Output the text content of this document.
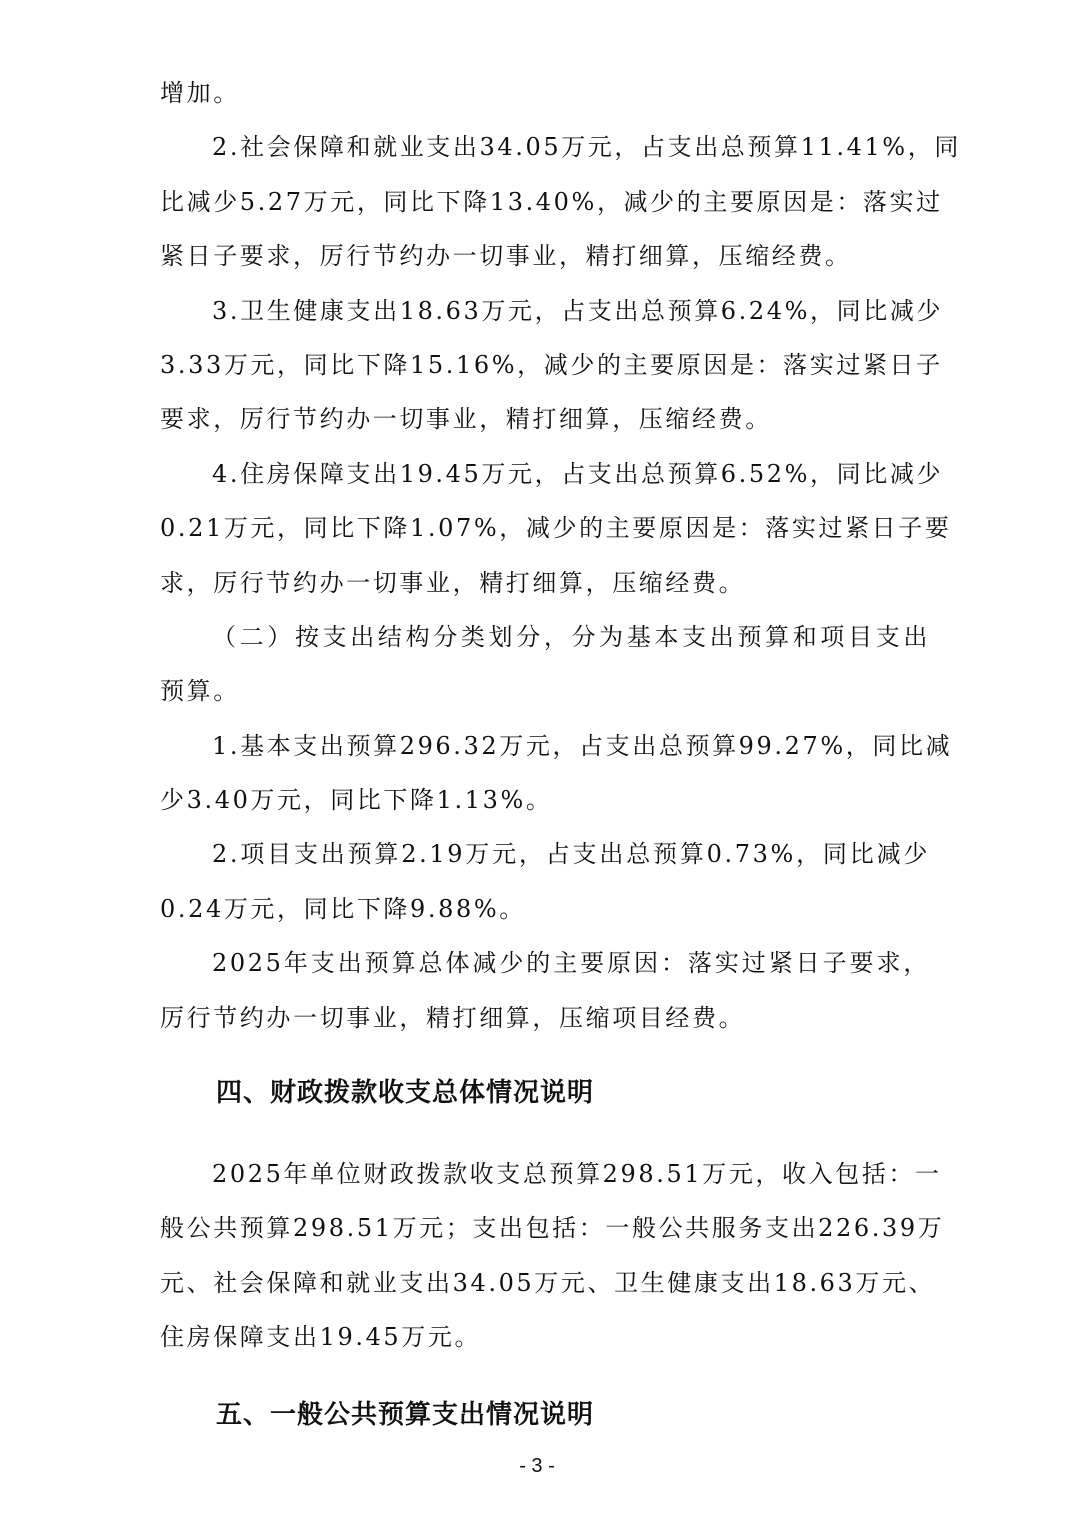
增加。
2.社会保障和就业支出34.05万元，占支出总预算11.41%，同
比减少5.27万元，同比下降13.40%，减少的主要原因是：落实过
紧日子要求，厉行节约办一切事业，精打细算，压缩经费。
3.卫生健康支出18.63万元，占支出总预算6.24%，同比减少
3.33万元，同比下降15.16%，减少的主要原因是：落实过紧日子
要求，厉行节约办一切事业，精打细算，压缩经费。
4.住房保障支出19.45万元，占支出总预算6.52%，同比减少
0.21万元，同比下降1.07%，减少的主要原因是：落实过紧日子要
求，厉行节约办一切事业，精打细算，压缩经费。
（二）按支出结构分类划分，分为基本支出预算和项目支出
预算。
1.基本支出预算296.32万元，占支出总预算99.27%，同比减
少3.40万元，同比下降1.13%。
2.项目支出预算2.19万元，占支出总预算0.73%，同比减少
0.24万元，同比下降9.88%。
2025年支出预算总体减少的主要原因：落实过紧日子要求，
厉行节约办一切事业，精打细算，压缩项目经费。
四、财政拨款收支总体情况说明
2025年单位财政拨款收支总预算298.51万元，收入包括：一
般公共预算298.51万元；支出包括：一般公共服务支出226.39万
元、社会保障和就业支出34.05万元、卫生健康支出18.63万元、
住房保障支出19.45万元。
五、一般公共预算支出情况说明
- 3 -
